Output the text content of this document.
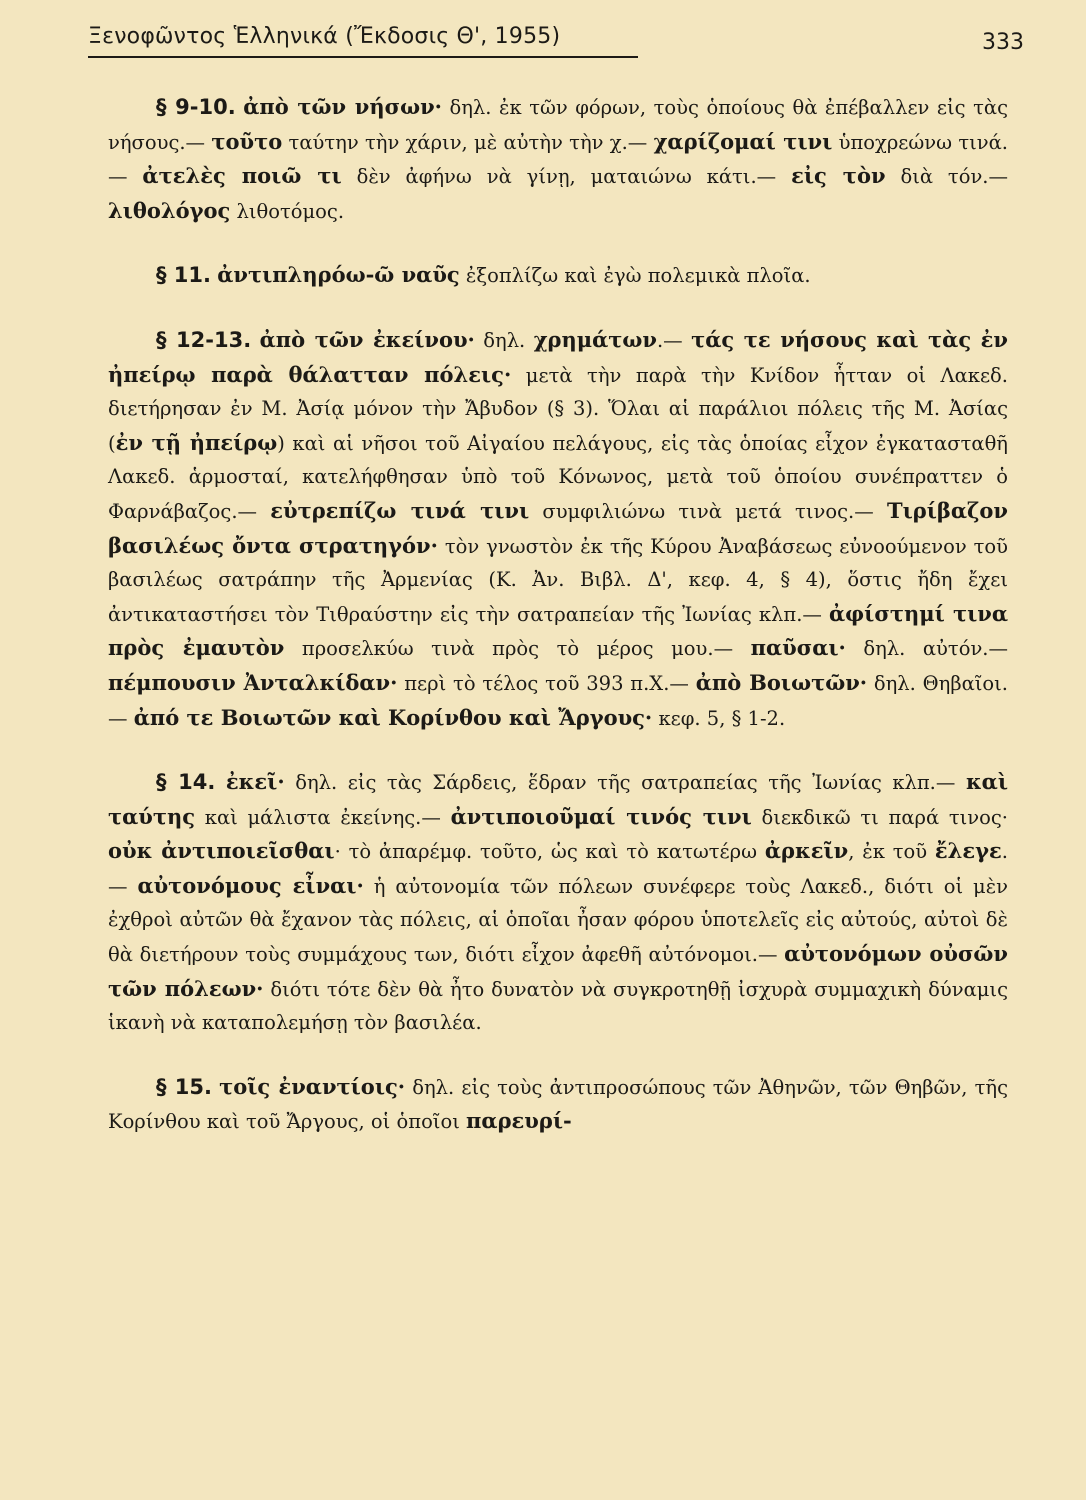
Ξενοφῶντος Ἑλληνικά (Ἔκδοσις Θ', 1955)	333

§ 9-10. ἀπὸ τῶν νήσων· δηλ. ἐκ τῶν φόρων, τοὺς ὁποίους θὰ ἐπέβαλλεν εἰς τὰς νήσους.— τοῦτο ταύτην τὴν χάριν, μὲ αὐτὴν τὴν χ.— χαρίζομαί τινι ὑποχρεώνω τινά.— ἀτελὲς ποιῶ τι δὲν ἀφήνω νὰ γίνῃ, ματαιώνω κάτι.— εἰς τὸν διὰ τόν.— λιθολόγος λιθοτόμος.

§ 11. ἀντιπληρόω-ῶ ναῦς ἐξοπλίζω καὶ ἐγὼ πολεμικὰ πλοῖα.

§ 12-13. ἀπὸ τῶν ἐκείνου· δηλ. χρημάτων.— τάς τε νήσους καὶ τὰς ἐν ἠπείρῳ παρὰ θάλατταν πόλεις· μετὰ τὴν παρὰ τὴν Κνίδον ἧτταν οἱ Λακεδ. διετήρησαν ἐν Μ. Ἀσίᾳ μόνον τὴν Ἄβυδον (§ 3). Ὅλαι αἱ παράλιοι πόλεις τῆς Μ. Ἀσίας (ἐν τῇ ἠπείρῳ) καὶ αἱ νῆσοι τοῦ Αἰγαίου πελάγους, εἰς τὰς ὁποίας εἶχον ἐγκατασταθῆ Λακεδ. ἁρμοσταί, κατελήφθησαν ὑπὸ τοῦ Κόνωνος, μετὰ τοῦ ὁποίου συνέπραττεν ὁ Φαρνάβαζος.— εὐτρεπίζω τινά τινι συμφιλιώνω τινὰ μετά τινος.— Τιρίβαζον βασιλέως ὄντα στρατηγόν· τὸν γνωστὸν ἐκ τῆς Κύρου Ἀναβάσεως εὐνοούμενον τοῦ βασιλέως σατράπην τῆς Ἀρμενίας (Κ. Ἀν. Βιβλ. Δ', κεφ. 4, § 4), ὅστις ἤδη ἔχει ἀντικαταστήσει τὸν Τιθραύστην εἰς τὴν σατραπείαν τῆς Ἰωνίας κλπ.— ἀφίστημί τινα πρὸς ἐμαυτὸν προσελκύω τινὰ πρὸς τὸ μέρος μου.— παῦσαι· δηλ. αὐτόν.— πέμπουσιν Ἀνταλκίδαν· περὶ τὸ τέλος τοῦ 393 π.Χ.— ἀπὸ Βοιωτῶν· δηλ. Θηβαῖοι.— ἀπό τε Βοιωτῶν καὶ Κορίνθου καὶ Ἄργους· κεφ. 5, § 1-2.

§ 14. ἐκεῖ· δηλ. εἰς τὰς Σάρδεις, ἕδραν τῆς σατραπείας τῆς Ἰωνίας κλπ.— καὶ ταύτης καὶ μάλιστα ἐκείνης.— ἀντιποιοῦμαί τινός τινι διεκδικῶ τι παρά τινος· οὐκ ἀντιποιεῖσθαι· τὸ ἀπαρέμφ. τοῦτο, ὡς καὶ τὸ κατωτέρω ἀρκεῖν, ἐκ τοῦ ἔλεγε.— αὐτονόμους εἶναι· ἡ αὐτονομία τῶν πόλεων συνέφερε τοὺς Λακεδ., διότι οἱ μὲν ἐχθροὶ αὐτῶν θὰ ἔχανον τὰς πόλεις, αἱ ὁποῖαι ἦσαν φόρου ὑποτελεῖς εἰς αὐτούς, αὐτοὶ δὲ θὰ διετήρουν τοὺς συμμάχους των, διότι εἶχον ἀφεθῆ αὐτόνομοι.— αὐτονόμων οὐσῶν τῶν πόλεων· διότι τότε δὲν θὰ ἦτο δυνατὸν νὰ συγκροτηθῇ ἰσχυρὰ συμμαχικὴ δύναμις ἱκανὴ νὰ καταπολεμήσῃ τὸν βασιλέα.

§ 15. τοῖς ἐναντίοις· δηλ. εἰς τοὺς ἀντιπροσώπους τῶν Ἀθηνῶν, τῶν Θηβῶν, τῆς Κορίνθου καὶ τοῦ Ἄργους, οἱ ὁποῖοι παρευρί-
